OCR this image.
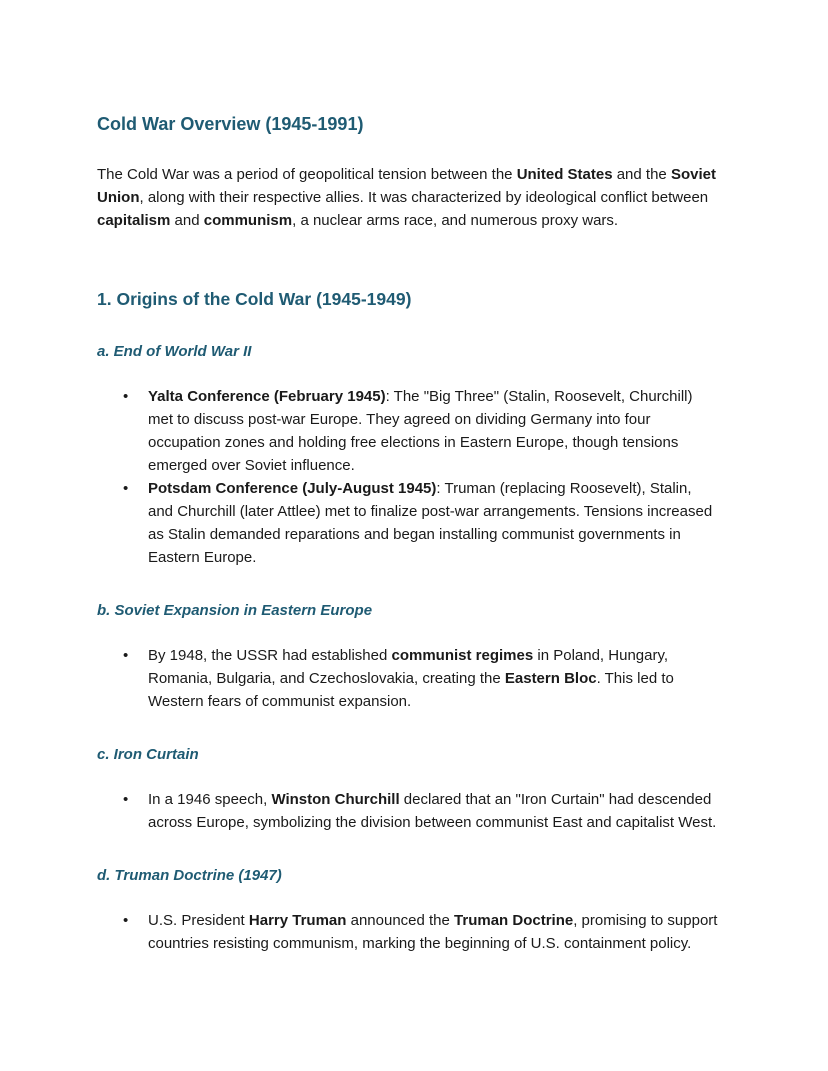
Cold War Overview (1945-1991)

The Cold War was a period of geopolitical tension between the United States and the Soviet Union, along with their respective allies. It was characterized by ideological conflict between capitalism and communism, a nuclear arms race, and numerous proxy wars.

1. Origins of the Cold War (1945-1949)
a. End of World War II
• Yalta Conference (February 1945): The "Big Three" (Stalin, Roosevelt, Churchill) met to discuss post-war Europe. They agreed on dividing Germany into four occupation zones and holding free elections in Eastern Europe, though tensions emerged over Soviet influence.
• Potsdam Conference (July-August 1945): Truman (replacing Roosevelt), Stalin, and Churchill (later Attlee) met to finalize post-war arrangements. Tensions increased as Stalin demanded reparations and began installing communist governments in Eastern Europe.
b. Soviet Expansion in Eastern Europe
• By 1948, the USSR had established communist regimes in Poland, Hungary, Romania, Bulgaria, and Czechoslovakia, creating the Eastern Bloc. This led to Western fears of communist expansion.
c. Iron Curtain
• In a 1946 speech, Winston Churchill declared that an "Iron Curtain" had descended across Europe, symbolizing the division between communist East and capitalist West.
d. Truman Doctrine (1947)
• U.S. President Harry Truman announced the Truman Doctrine, promising to support countries resisting communism, marking the beginning of U.S. containment policy.
